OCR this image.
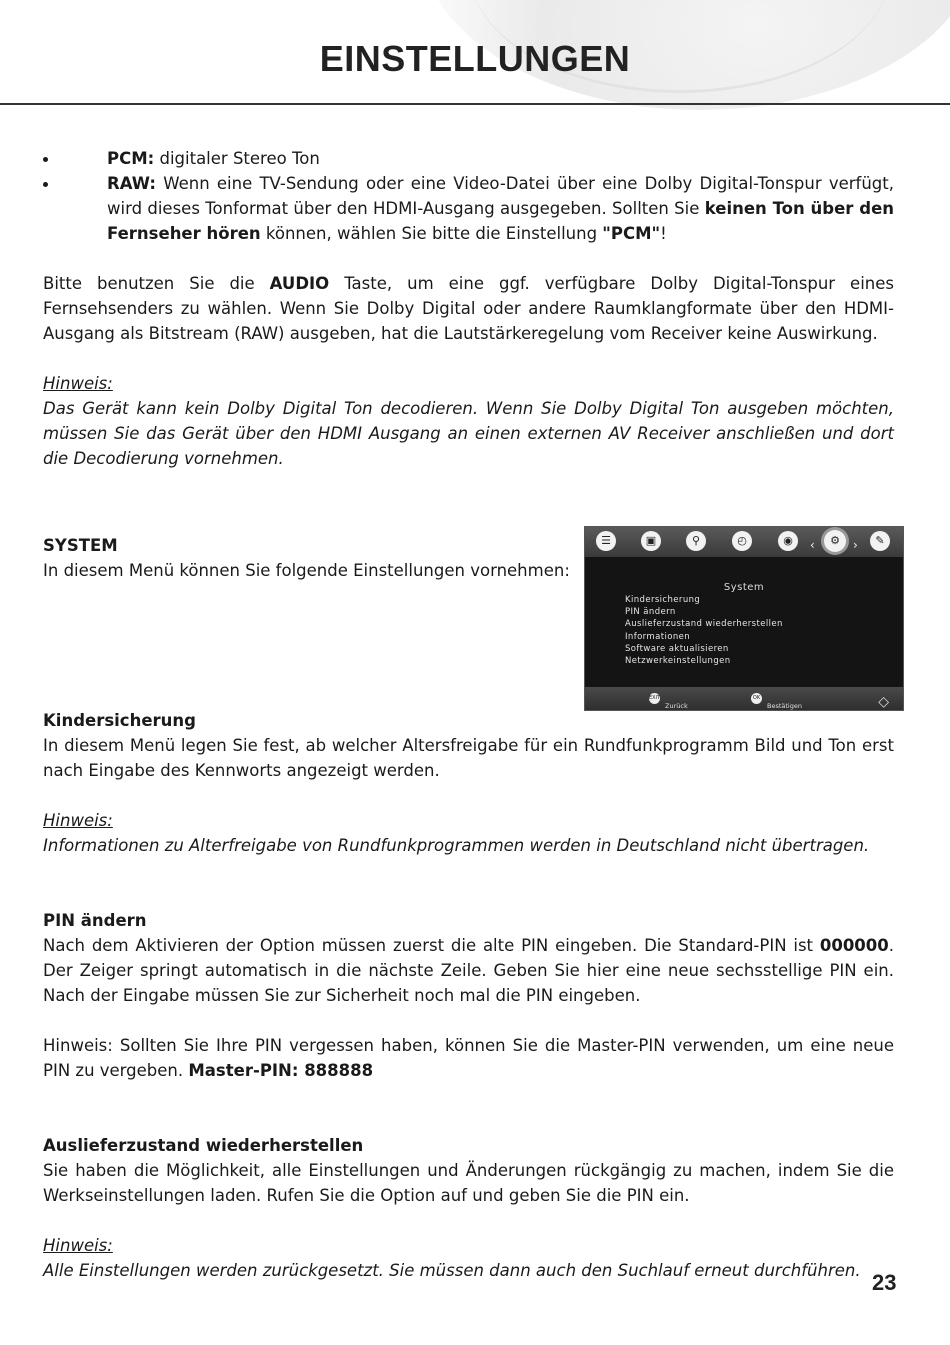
EINSTELLUNGEN
PCM: digitaler Stereo Ton
RAW: Wenn eine TV-Sendung oder eine Video-Datei über eine Dolby Digital-Tonspur verfügt, wird dieses Tonformat über den HDMI-Ausgang ausgegeben. Sollten Sie keinen Ton über den Fernseher hören können, wählen Sie bitte die Einstellung "PCM"!

Bitte benutzen Sie die AUDIO Taste, um eine ggf. verfügbare Dolby Digital-Tonspur eines Fernsehsenders zu wählen. Wenn Sie Dolby Digital oder andere Raumklangformate über den HDMI-Ausgang als Bitstream (RAW) ausgeben, hat die Lautstärkeregelung vom Receiver keine Auswirkung.

Hinweis:

Das Gerät kann kein Dolby Digital Ton decodieren. Wenn Sie Dolby Digital Ton ausgeben möchten, müssen Sie das Gerät über den HDMI Ausgang an einen externen AV Receiver anschließen und dort die Decodierung vornehmen.

SYSTEM

In diesem Menü können Sie folgende Einstellungen vornehmen:

☰	▣	⚲	◴	◉	‹	⚙	›	✎
System
Kindersicherung
PIN ändern
Auslieferzustand wiederherstellen
Informationen
Software aktualisieren
Netzwerkeinstellungen
EXIT
Zurück
OK
Bestätigen	◇

Kindersicherung

In diesem Menü legen Sie fest, ab welcher Altersfreigabe für ein Rundfunkprogramm Bild und Ton erst nach Eingabe des Kennworts angezeigt werden.

Hinweis:

Informationen zu Alterfreigabe von Rundfunkprogrammen werden in Deutschland nicht übertragen.

PIN ändern

Nach dem Aktivieren der Option müssen zuerst die alte PIN eingeben. Die Standard-PIN ist 000000. Der Zeiger springt automatisch in die nächste Zeile. Geben Sie hier eine neue sechsstellige PIN ein. Nach der Eingabe müssen Sie zur Sicherheit noch mal die PIN eingeben.

Hinweis: Sollten Sie Ihre PIN vergessen haben, können Sie die Master-PIN verwenden, um eine neue PIN zu vergeben. Master-PIN: 888888

Auslieferzustand wiederherstellen

Sie haben die Möglichkeit, alle Einstellungen und Änderungen rückgängig zu machen, indem Sie die Werkseinstellungen laden. Rufen Sie die Option auf und geben Sie die PIN ein.

Hinweis:

Alle Einstellungen werden zurückgesetzt. Sie müssen dann auch den Suchlauf erneut durchführen. 23
